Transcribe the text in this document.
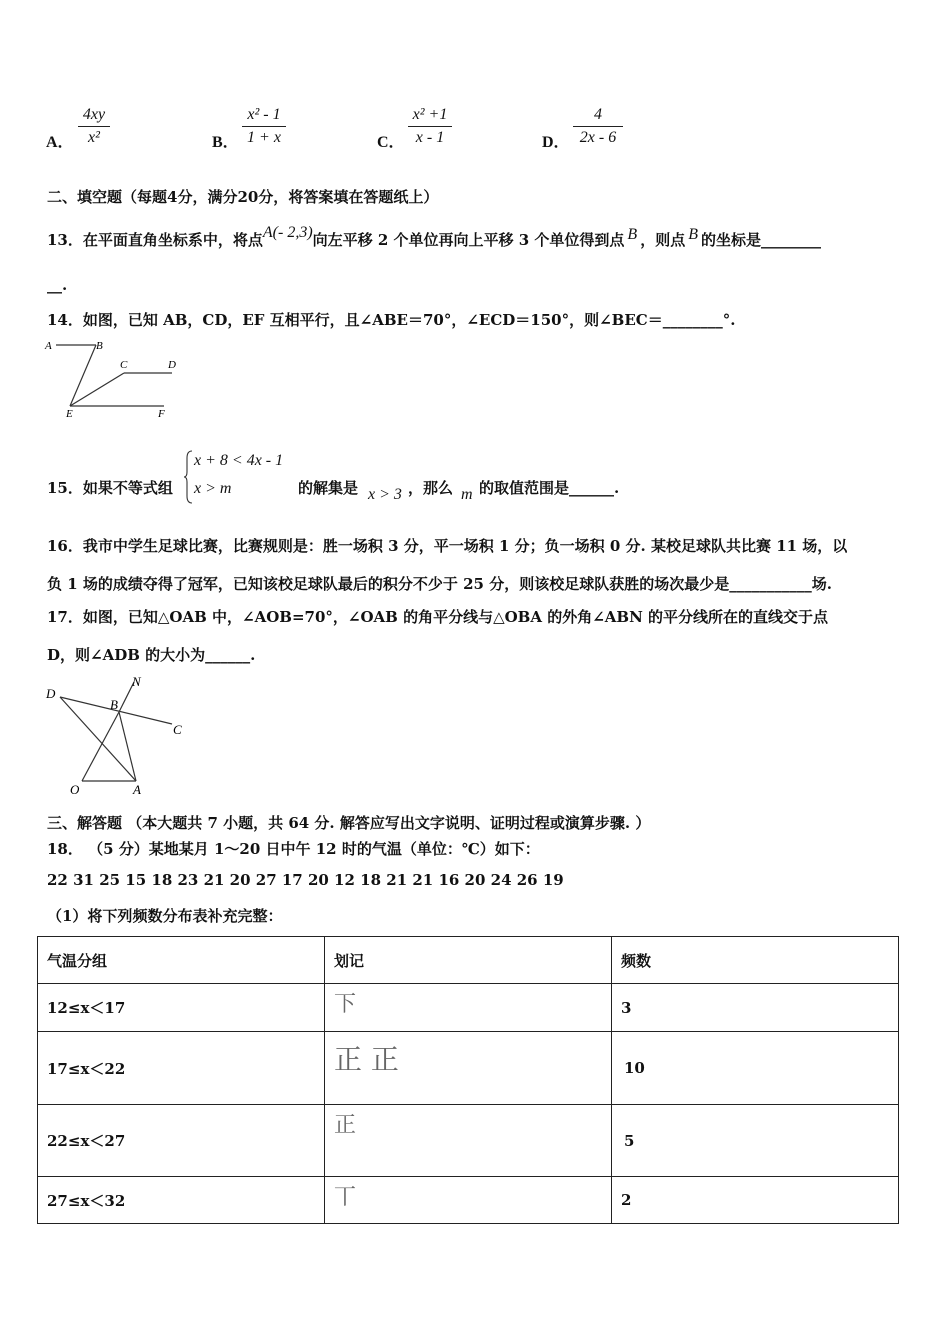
A．
4xy
x²	B．
x² - 1
1 + x	C．
x² +1
x - 1	D．
4
2x - 6
二、填空题（每题4分，满分20分，将答案填在答题纸上）
13．在平面直角坐标系中，将点A(- 2,3)向左平移 2 个单位再向上平移 3 个单位得到点 B ，则点 B 的坐标是________
__.
14．如图，已知 AB，CD，EF 互相平行，且∠ABE＝70°，∠ECD＝150°，则∠BEC＝________°.
A	B
C	D
E	F
15．如果不等式组
x + 8 < 4x - 1
x > m	的解集是 x > 3 ，那么 m 的取值范围是______.
16．我市中学生足球比赛，比赛规则是：胜一场积 3 分，平一场积 1 分；负一场积 0 分. 某校足球队共比赛 11 场，以
负 1 场的成绩夺得了冠军，已知该校足球队最后的积分不少于 25 分，则该校足球队获胜的场次最少是___________场.
17．如图，已知△OAB 中，∠AOB=70°，∠OAB 的角平分线与△OBA 的外角∠ABN 的平分线所在的直线交于点
D，则∠ADB 的大小为______.
D
B
N
C
O	A
三、解答题 （本大题共 7 小题，共 64 分. 解答应写出文字说明、证明过程或演算步骤. ）
18． （5 分）某地某月 1～20 日中午 12 时的气温（单位：℃）如下：
22 31 25 15 18 23 21 20 27 17 20 12 18 21 21 16 20 24 26 19
（1）将下列频数分布表补充完整：
气温分组	划记	频数
12≤x＜17	下	3
17≤x＜22	正 正	10
22≤x＜27	正	5
27≤x＜32	丅	2
